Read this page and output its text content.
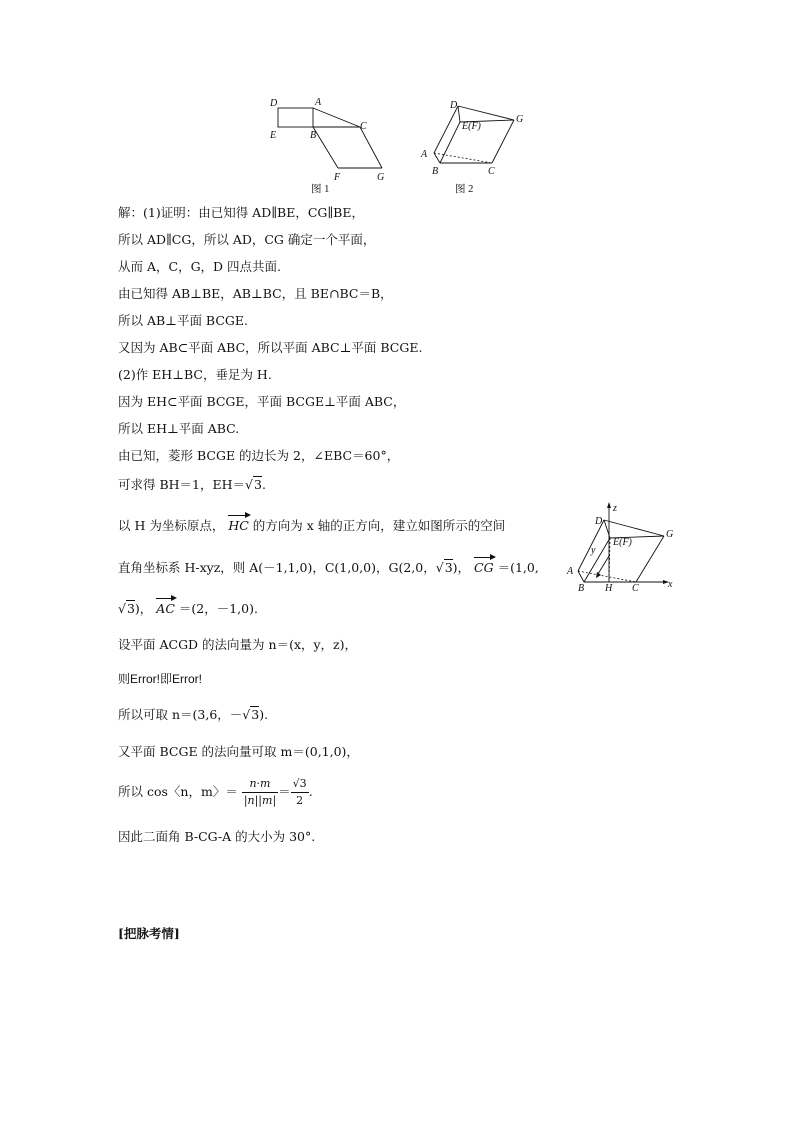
D	A
E	B
C
F	G
图 1
D
E(F)
G
A
B	C
图 2
z
D
G
y
E(F)
A
B H C	x
解：(1)证明：由已知得 AD∥BE，CG∥BE，
所以 AD∥CG，所以 AD，CG 确定一个平面，
从而 A，C，G，D 四点共面.
由已知得 AB⊥BE，AB⊥BC，且 BE∩BC＝B，
所以 AB⊥平面 BCGE.
又因为 AB⊂平面 ABC，所以平面 ABC⊥平面 BCGE.
(2)作 EH⊥BC，垂足为 H.
因为 EH⊂平面 BCGE，平面 BCGE⊥平面 ABC，
所以 EH⊥平面 ABC.
由已知，菱形 BCGE 的边长为 2，∠EBC＝60°，
可求得 BH＝1，EH＝√3.
以 H 为坐标原点， HC 的方向为 x 轴的正方向，建立如图所示的空间
直角坐标系 H-xyz，则 A(－1,1,0)，C(1,0,0)，G(2,0，√3)， CG ＝(1,0,
√3)， AC ＝(2，－1,0).
设平面 ACGD 的法向量为 n＝(x，y，z)，
则Error!即Error!
所以可取 n＝(3,6，－√3).
又平面 BCGE 的法向量可取 m＝(0,1,0)，
所以 cos〈n，m〉＝ $\frac{n\cdot m}{|n||m|} = \frac{√3}{2}$ .
因此二面角 B-CG-A 的大小为 30°.
[把脉考情]
